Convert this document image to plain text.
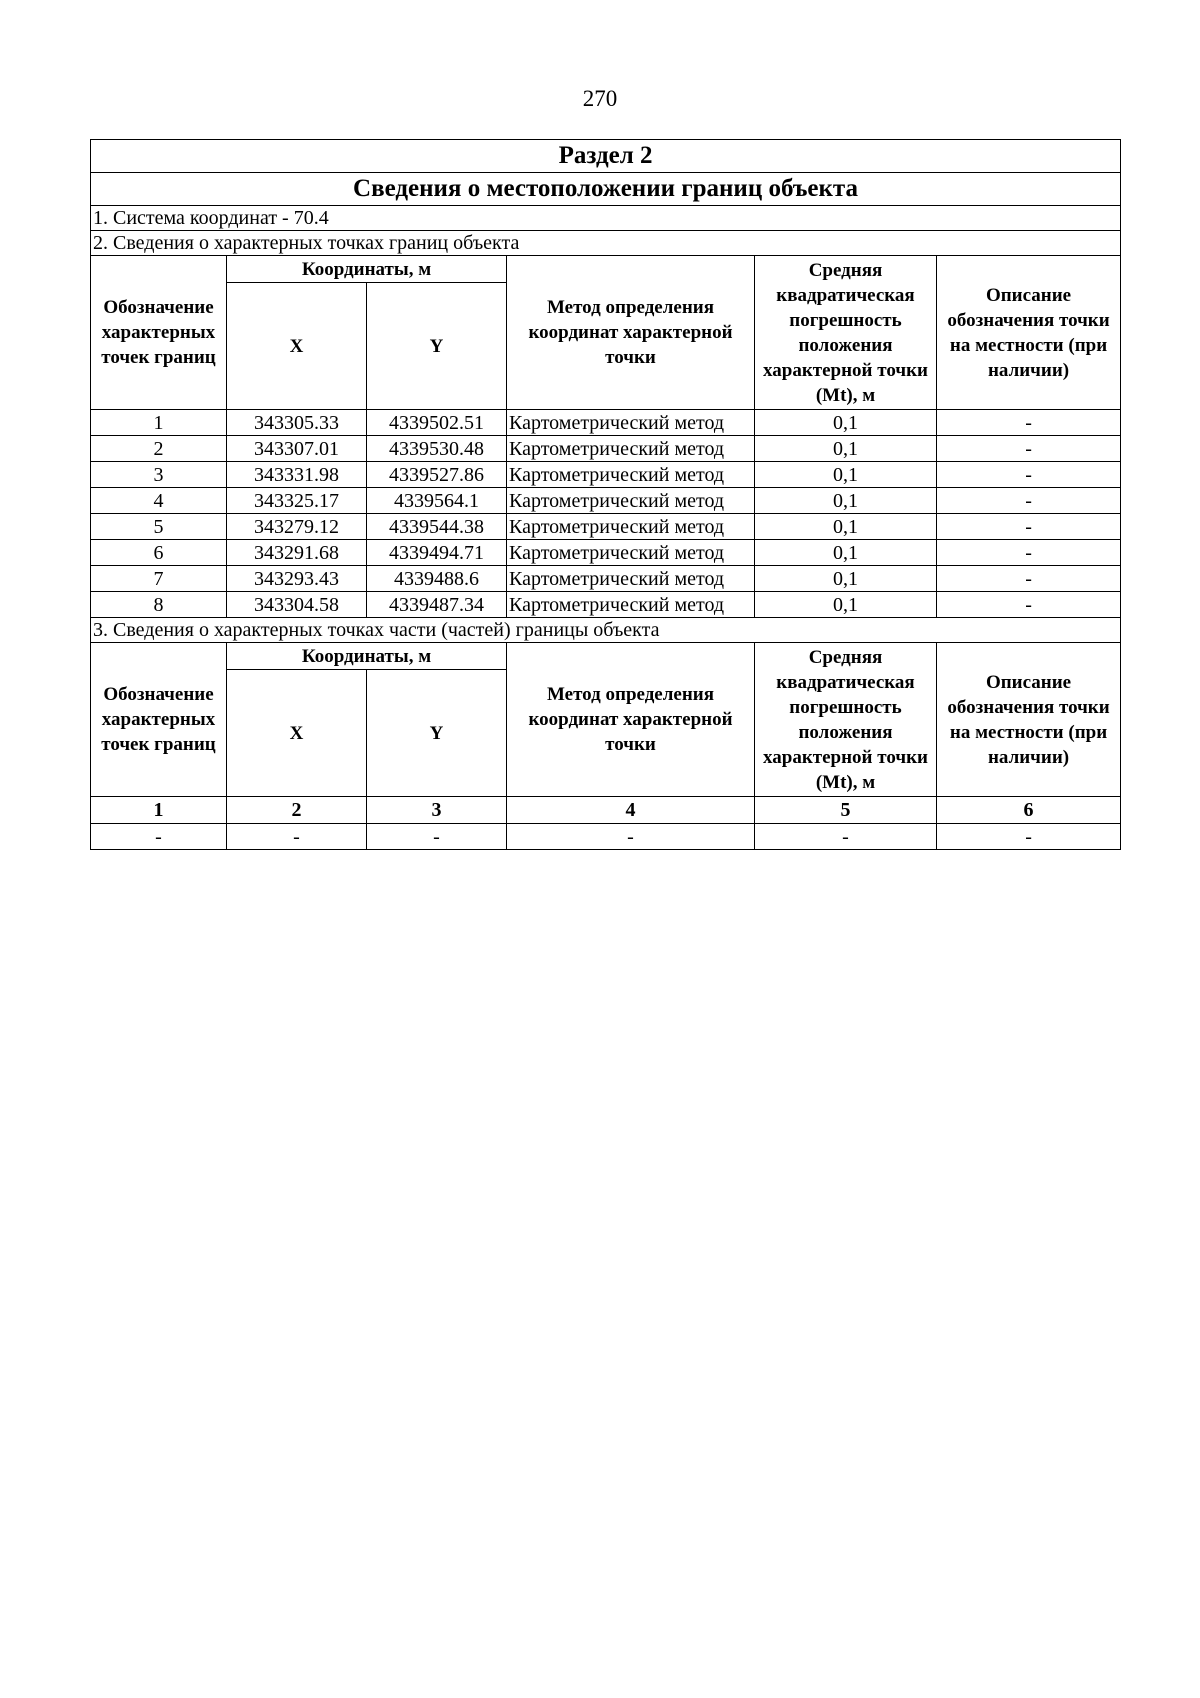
270
Раздел 2					
Сведения о местоположении границ объекта					
1. Система координат - 70.4					
2. Сведения о характерных точках границ объекта					
Обозначение характерных точек границ	Координаты, м		Метод определения координат характерной точки	Средняя квадратическая погрешность положения характерной точки (Mt), м	Описание обозначения точки на местности (при наличии)
	X	Y			
1	343305.33	4339502.51	Картометрический метод	0,1	-
2	343307.01	4339530.48	Картометрический метод	0,1	-
3	343331.98	4339527.86	Картометрический метод	0,1	-
4	343325.17	4339564.1	Картометрический метод	0,1	-
5	343279.12	4339544.38	Картометрический метод	0,1	-
6	343291.68	4339494.71	Картометрический метод	0,1	-
7	343293.43	4339488.6	Картометрический метод	0,1	-
8	343304.58	4339487.34	Картометрический метод	0,1	-
3. Сведения о характерных точках части (частей) границы объекта					
Обозначение характерных точек границ	Координаты, м		Метод определения координат характерной точки	Средняя квадратическая погрешность положения характерной точки (Mt), м	Описание обозначения точки на местности (при наличии)
	X	Y			
1	2	3	4	5	6
-	-	-	-	-	-
